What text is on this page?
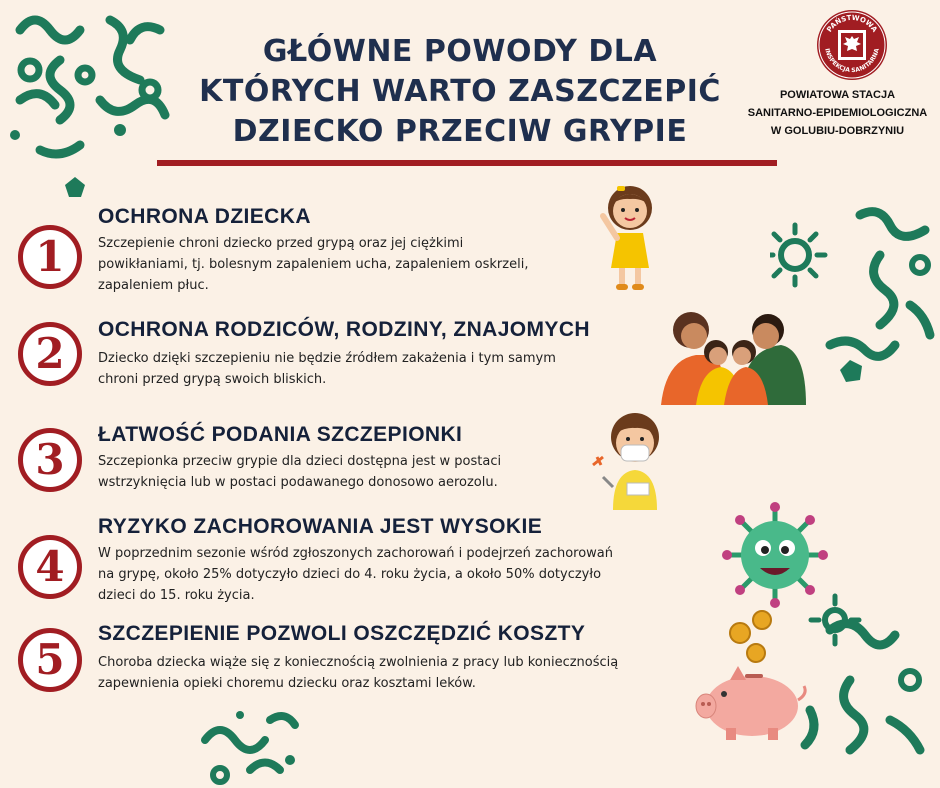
GŁÓWNE POWODY DLA
KTÓRYCH WARTO ZASZCZEPIĆ
DZIECKO PRZECIW GRYPIE
PAŃSTWOWA
INSPEKCJA SANITARNA
POWIATOWA STACJA
SANITARNO-EPIDEMIOLOGICZNA
W GOLUBIU-DOBRZYNIU
1
OCHRONA DZIECKA
Szczepienie chroni dziecko przed grypą oraz jej ciężkimi
powikłaniami, tj. bolesnym zapaleniem ucha, zapaleniem oskrzeli,
zapaleniem płuc.
2 OCHRONA RODZICÓW, RODZINY, ZNAJOMYCH
Dziecko dzięki szczepieniu nie będzie źródłem zakażenia i tym samym
chroni przed grypą swoich bliskich.
3
ŁATWOŚĆ PODANIA SZCZEPIONKI
Szczepionka przeciw grypie dla dzieci dostępna jest w postaci
wstrzyknięcia lub w postaci podawanego donosowo aerozolu.
4
RYZYKO ZACHOROWANIA JEST WYSOKIE
W poprzednim sezonie wśród zgłoszonych zachorowań i podejrzeń zachorowań
na grypę, około 25% dotyczyło dzieci do 4. roku życia, a około 50% dotyczyło
dzieci do 15. roku życia.
5
SZCZEPIENIE POZWOLI OSZCZĘDZIĆ KOSZTY
Choroba dziecka wiąże się z koniecznością zwolnienia z pracy lub koniecznością
zapewnienia opieki choremu dziecku oraz kosztami leków.
